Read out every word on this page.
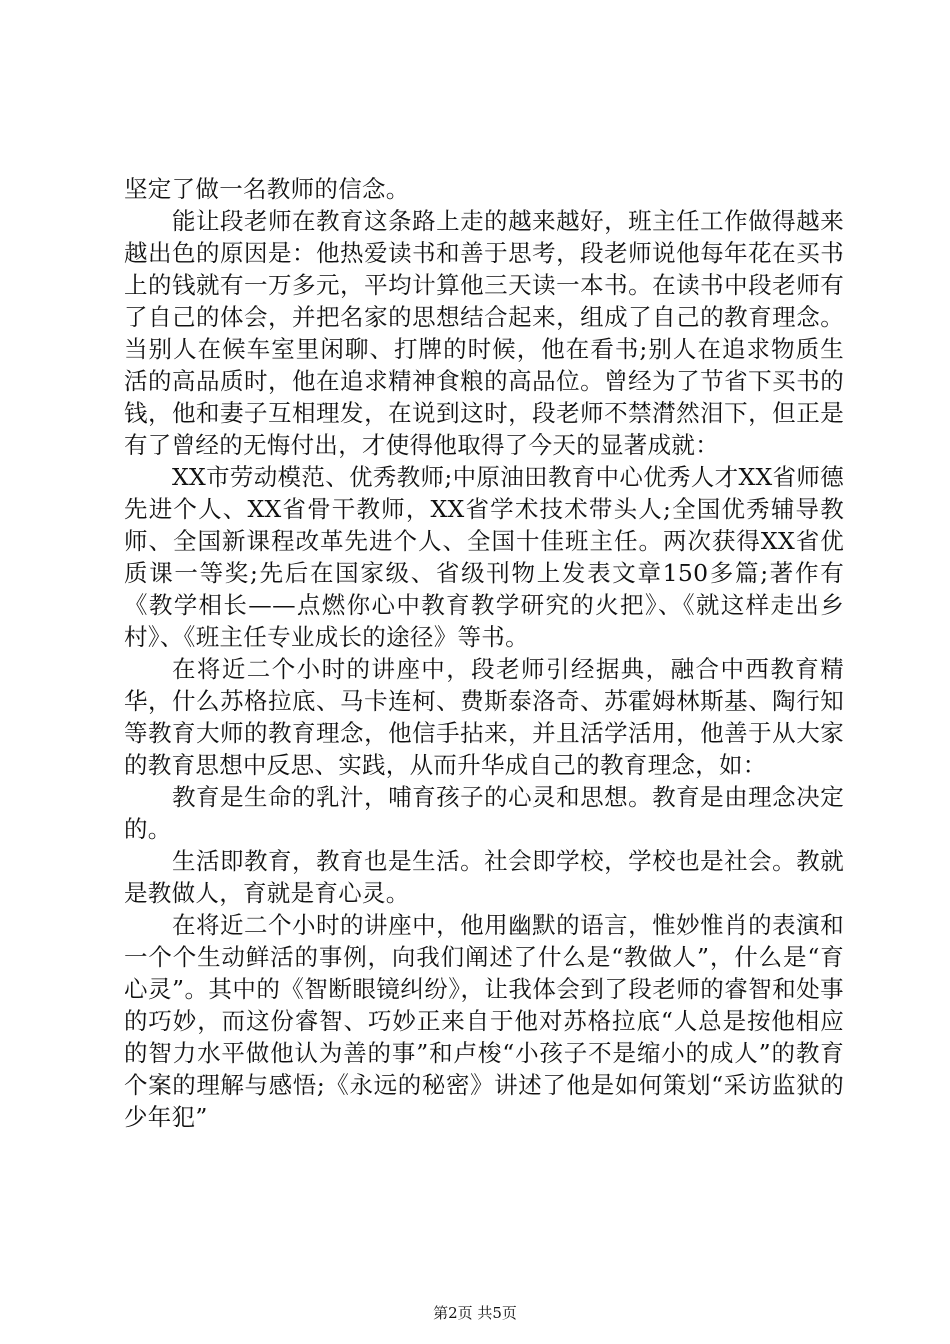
坚定了做一名教师的信念。

能让段老师在教育这条路上走的越来越好，班主任工作做得越来越出色的原因是：他热爱读书和善于思考，段老师说他每年花在买书上的钱就有一万多元，平均计算他三天读一本书。在读书中段老师有了自己的体会，并把名家的思想结合起来，组成了自己的教育理念。当别人在候车室里闲聊、打牌的时候，他在看书;别人在追求物质生活的高品质时，他在追求精神食粮的高品位。曾经为了节省下买书的钱，他和妻子互相理发，在说到这时，段老师不禁潸然泪下，但正是有了曾经的无悔付出，才使得他取得了今天的显著成就：

XX市劳动模范、优秀教师;中原油田教育中心优秀人才XX省师德先进个人、XX省骨干教师，XX省学术技术带头人;全国优秀辅导教师、全国新课程改革先进个人、全国十佳班主任。两次获得XX省优质课一等奖;先后在国家级、省级刊物上发表文章150多篇;著作有《教学相长——点燃你心中教育教学研究的火把》、《就这样走出乡村》、《班主任专业成长的途径》等书。

在将近二个小时的讲座中，段老师引经据典，融合中西教育精华，什么苏格拉底、马卡连柯、费斯泰洛奇、苏霍姆林斯基、陶行知等教育大师的教育理念，他信手拈来，并且活学活用，他善于从大家的教育思想中反思、实践，从而升华成自己的教育理念，如：

教育是生命的乳汁，哺育孩子的心灵和思想。教育是由理念决定的。

生活即教育，教育也是生活。社会即学校，学校也是社会。教就是教做人，育就是育心灵。

在将近二个小时的讲座中，他用幽默的语言，惟妙惟肖的表演和一个个生动鲜活的事例，向我们阐述了什么是“教做人”，什么是“育心灵”。其中的《智断眼镜纠纷》，让我体会到了段老师的睿智和处事的巧妙，而这份睿智、巧妙正来自于他对苏格拉底“人总是按他相应的智力水平做他认为善的事”和卢梭“小孩子不是缩小的成人”的教育个案的理解与感悟;《永远的秘密》讲述了他是如何策划“采访监狱的少年犯”

第2页 共5页
